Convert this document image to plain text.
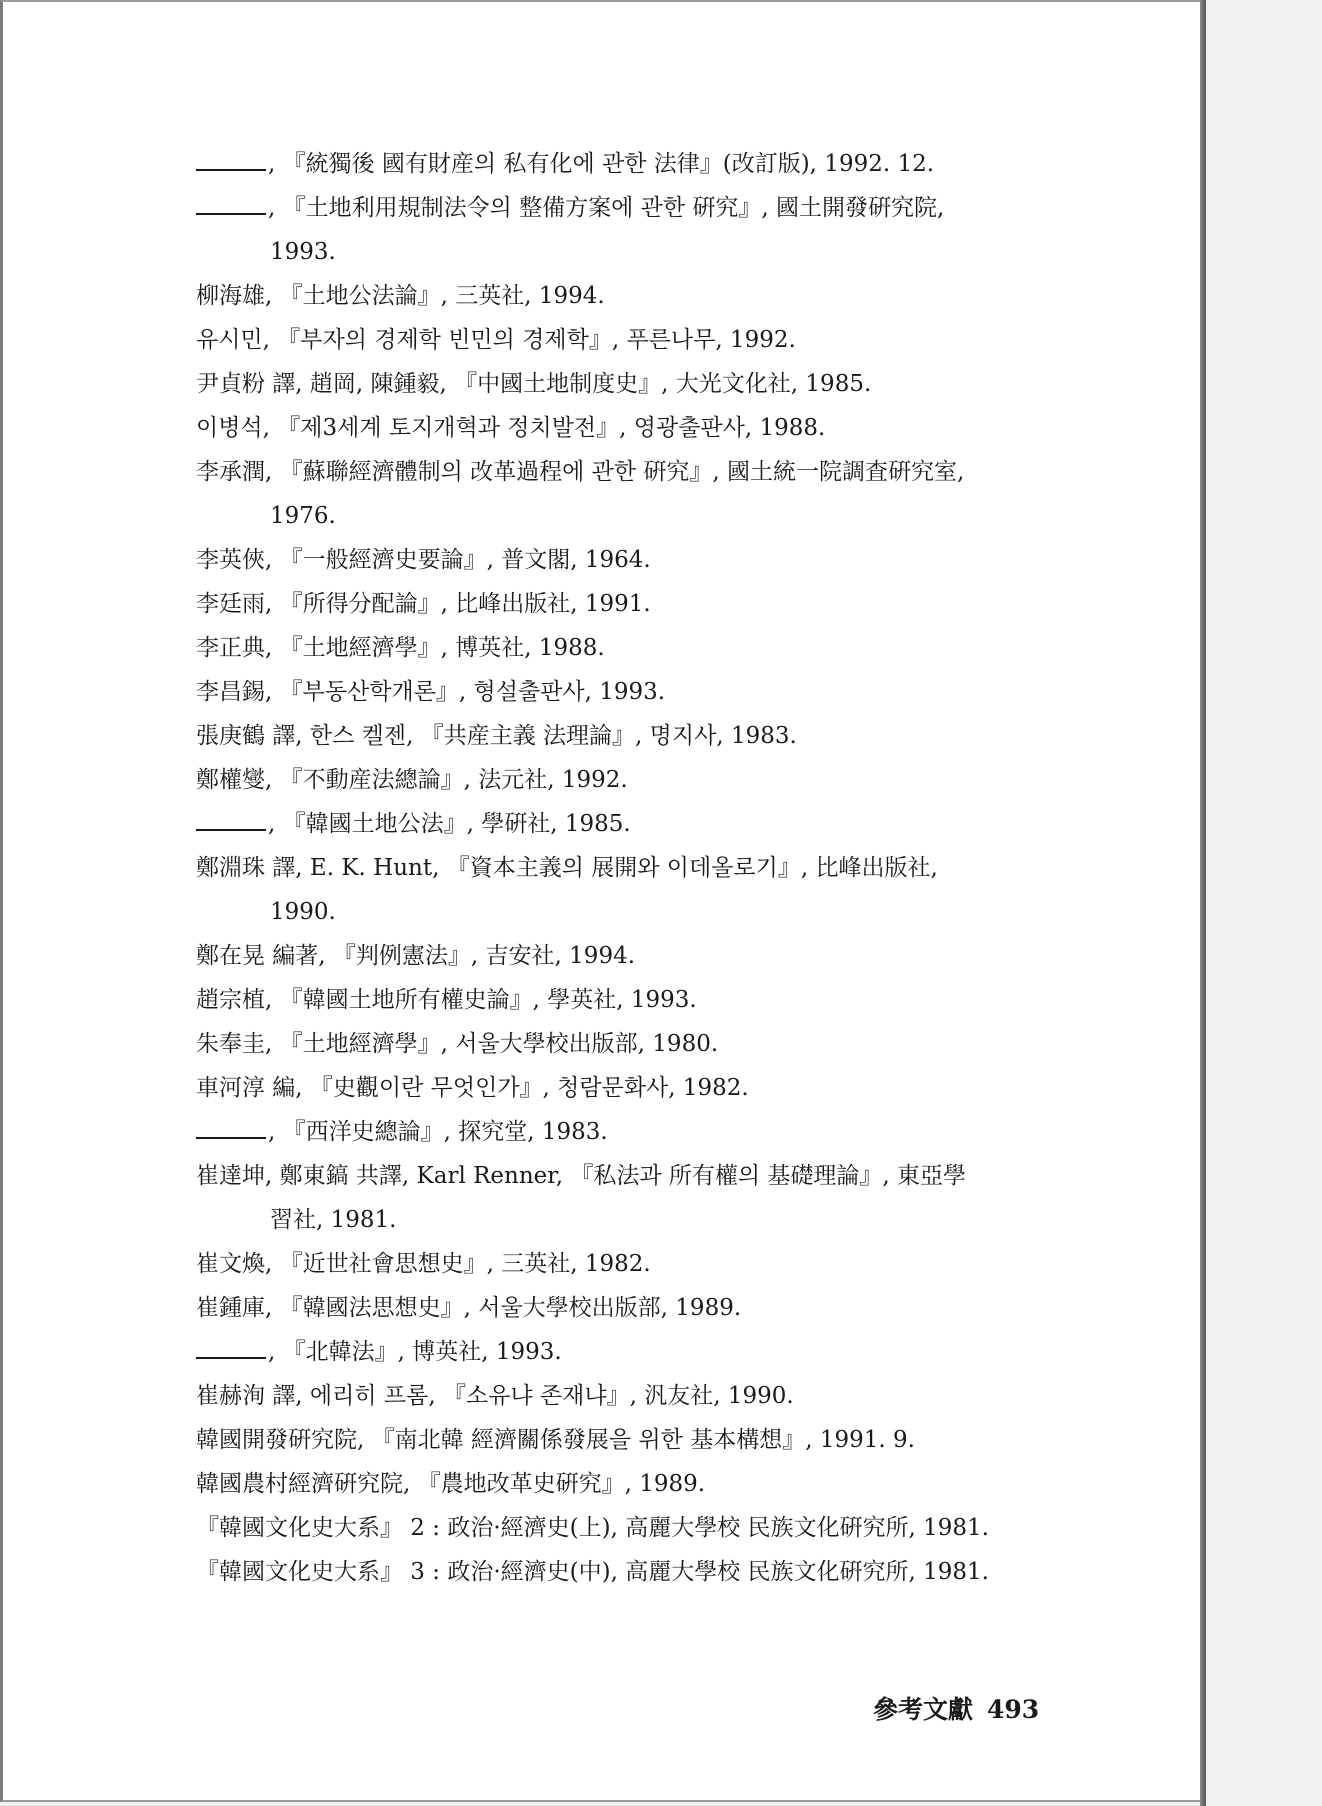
, 『統獨後 國有財産의 私有化에 관한 法律』(改訂版), 1992. 12.
, 『土地利用規制法令의 整備方案에 관한 硏究』, 國土開發硏究院,
1993.
柳海雄, 『土地公法論』, 三英社, 1994.
유시민, 『부자의 경제학 빈민의 경제학』, 푸른나무, 1992.
尹貞粉 譯, 趙岡, 陳鍾毅, 『中國土地制度史』, 大光文化社, 1985.
이병석, 『제3세계 토지개혁과 정치발전』, 영광출판사, 1988.
李承潤, 『蘇聯經濟體制의 改革過程에 관한 硏究』, 國土統一院調査硏究室,
1976.
李英俠, 『一般經濟史要論』, 普文閣, 1964.
李廷雨, 『所得分配論』, 比峰出版社, 1991.
李正典, 『土地經濟學』, 博英社, 1988.
李昌錫, 『부동산학개론』, 형설출판사, 1993.
張庚鶴 譯, 한스 켈젠, 『共産主義 法理論』, 명지사, 1983.
鄭權燮, 『不動産法總論』, 法元社, 1992.
, 『韓國土地公法』, 學硏社, 1985.
鄭淵珠 譯, E. K. Hunt, 『資本主義의 展開와 이데올로기』, 比峰出版社,
1990.
鄭在晃 編著, 『判例憲法』, 吉安社, 1994.
趙宗植, 『韓國土地所有權史論』, 學英社, 1993.
朱奉圭, 『土地經濟學』, 서울大學校出版部, 1980.
車河淳 編, 『史觀이란 무엇인가』, 청람문화사, 1982.
, 『西洋史總論』, 探究堂, 1983.
崔達坤, 鄭東鎬 共譯, Karl Renner, 『私法과 所有權의 基礎理論』, 東亞學
習社, 1981.
崔文煥, 『近世社會思想史』, 三英社, 1982.
崔鍾庫, 『韓國法思想史』, 서울大學校出版部, 1989.
, 『北韓法』, 博英社, 1993.
崔赫洵 譯, 에리히 프롬, 『소유냐 존재냐』, 汎友社, 1990.
韓國開發硏究院, 『南北韓 經濟關係發展을 위한 基本構想』, 1991. 9.
韓國農村經濟硏究院, 『農地改革史硏究』, 1989.
『韓國文化史大系』 2 : 政治·經濟史(上), 高麗大學校 民族文化硏究所, 1981.
『韓國文化史大系』 3 : 政治·經濟史(中), 高麗大學校 民族文化硏究所, 1981.
參考文獻 493
